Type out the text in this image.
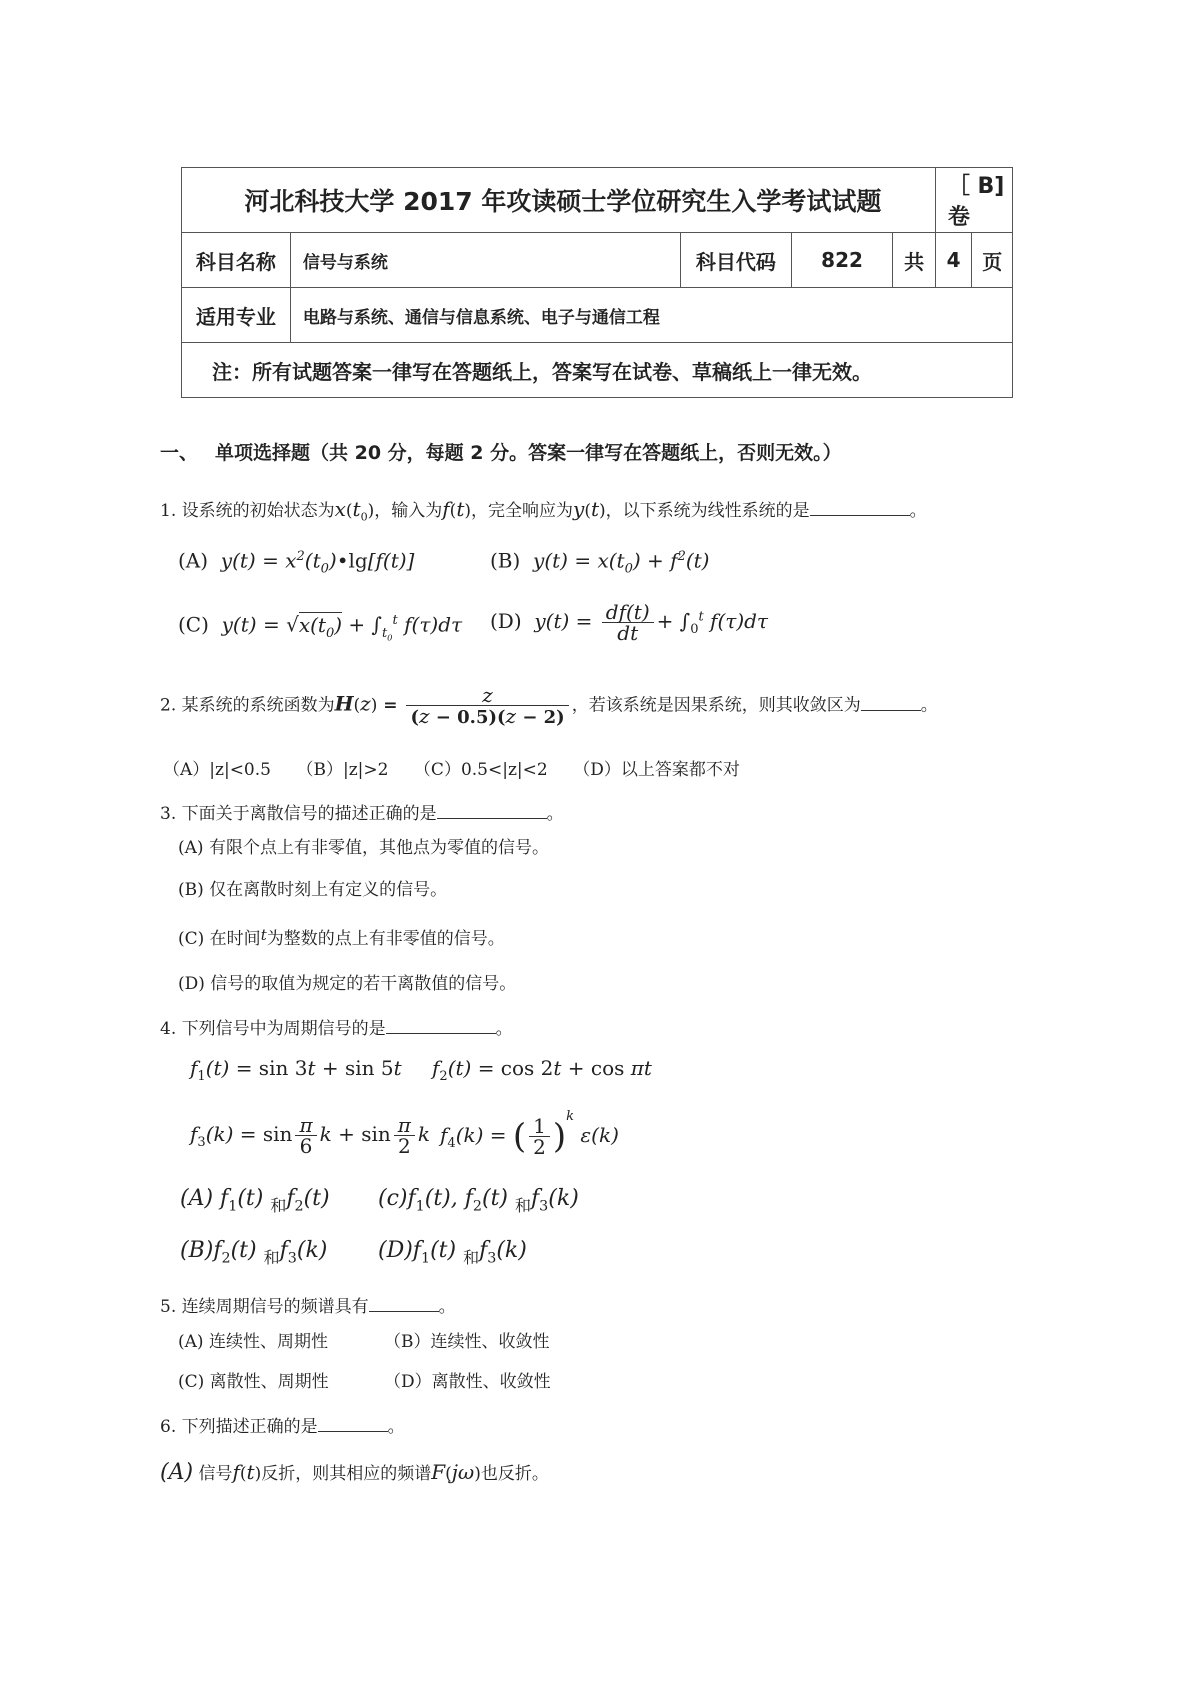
河北科技大学 2017 年攻读硕士学位研究生入学考试试题					［ B]卷	
科目名称	信号与系统	科目代码	822	共	4	页
适用专业	电路与系统、通信与信息系统、电子与通信工程					
注：所有试题答案一律写在答题纸上，答案写在试卷、草稿纸上一律无效。						
一、 单项选择题（共 20 分，每题 2 分。答案一律写在答题纸上，否则无效。）
1. 设系统的初始状态为$x(t_0)$，输入为f(t)，完全响应为y(t)，以下系统为线性系统的是	。
(A)  $y(t) = x^2(t_0)•\lg[f(t)]$	(B)  $y(t) = x(t_0) + f^2(t)$
(C)  $y(t) = √x(t_0) + \int_{t_0}^t$ f(τ)dτ (D)  $y(t) = \frac{df(t)}{dt} + \int_0^t$ f(τ)dτ
2. 某系统的系统函数为$H(z) = \frac{z}{(z - 0.5)(z - 2)}$ ，若该系统是因果系统，则其收敛区为	。
（A）|z|<0.5　　（B）|z|>2　　（C）0.5<|z|<2　　（D）以上答案都不对
3. 下面关于离散信号的描述正确的是	。
(A) 有限个点上有非零值，其他点为零值的信号。
(B) 仅在离散时刻上有定义的信号。
(C) 在时间t为整数的点上有非零值的信号。
(D) 信号的取值为规定的若干离散值的信号。
4. 下列信号中为周期信号的是	。
$f_1(t) = \sin 3t + \sin 5t$ $f_2(t) = \cos 2t + \cos \pi t$
$f_3(k) = \sin \frac{\pi}{6}$ $k + \sin \frac{\pi}{2}$ k $f_4(k)$ = ( $\frac{1}{2} )^k$ ε(k)
(A) $f_1(t)$ $_和f_2(t)$ $(c)f_1(t)$, $f_2(t)$ $_和f_3(k)$
$(B)f_2(t)$ $_和f_3(k)$ $(D)f_1(t)$ $_和f_3(k)$
5. 连续周期信号的频谱具有	。
(A) 连续性、周期性	（B）连续性、收敛性
(C) 离散性、周期性	（D）离散性、收敛性
6. 下列描述正确的是	。
(A) 信号f(t)反折，则其相应的频谱F(jω)也反折。
